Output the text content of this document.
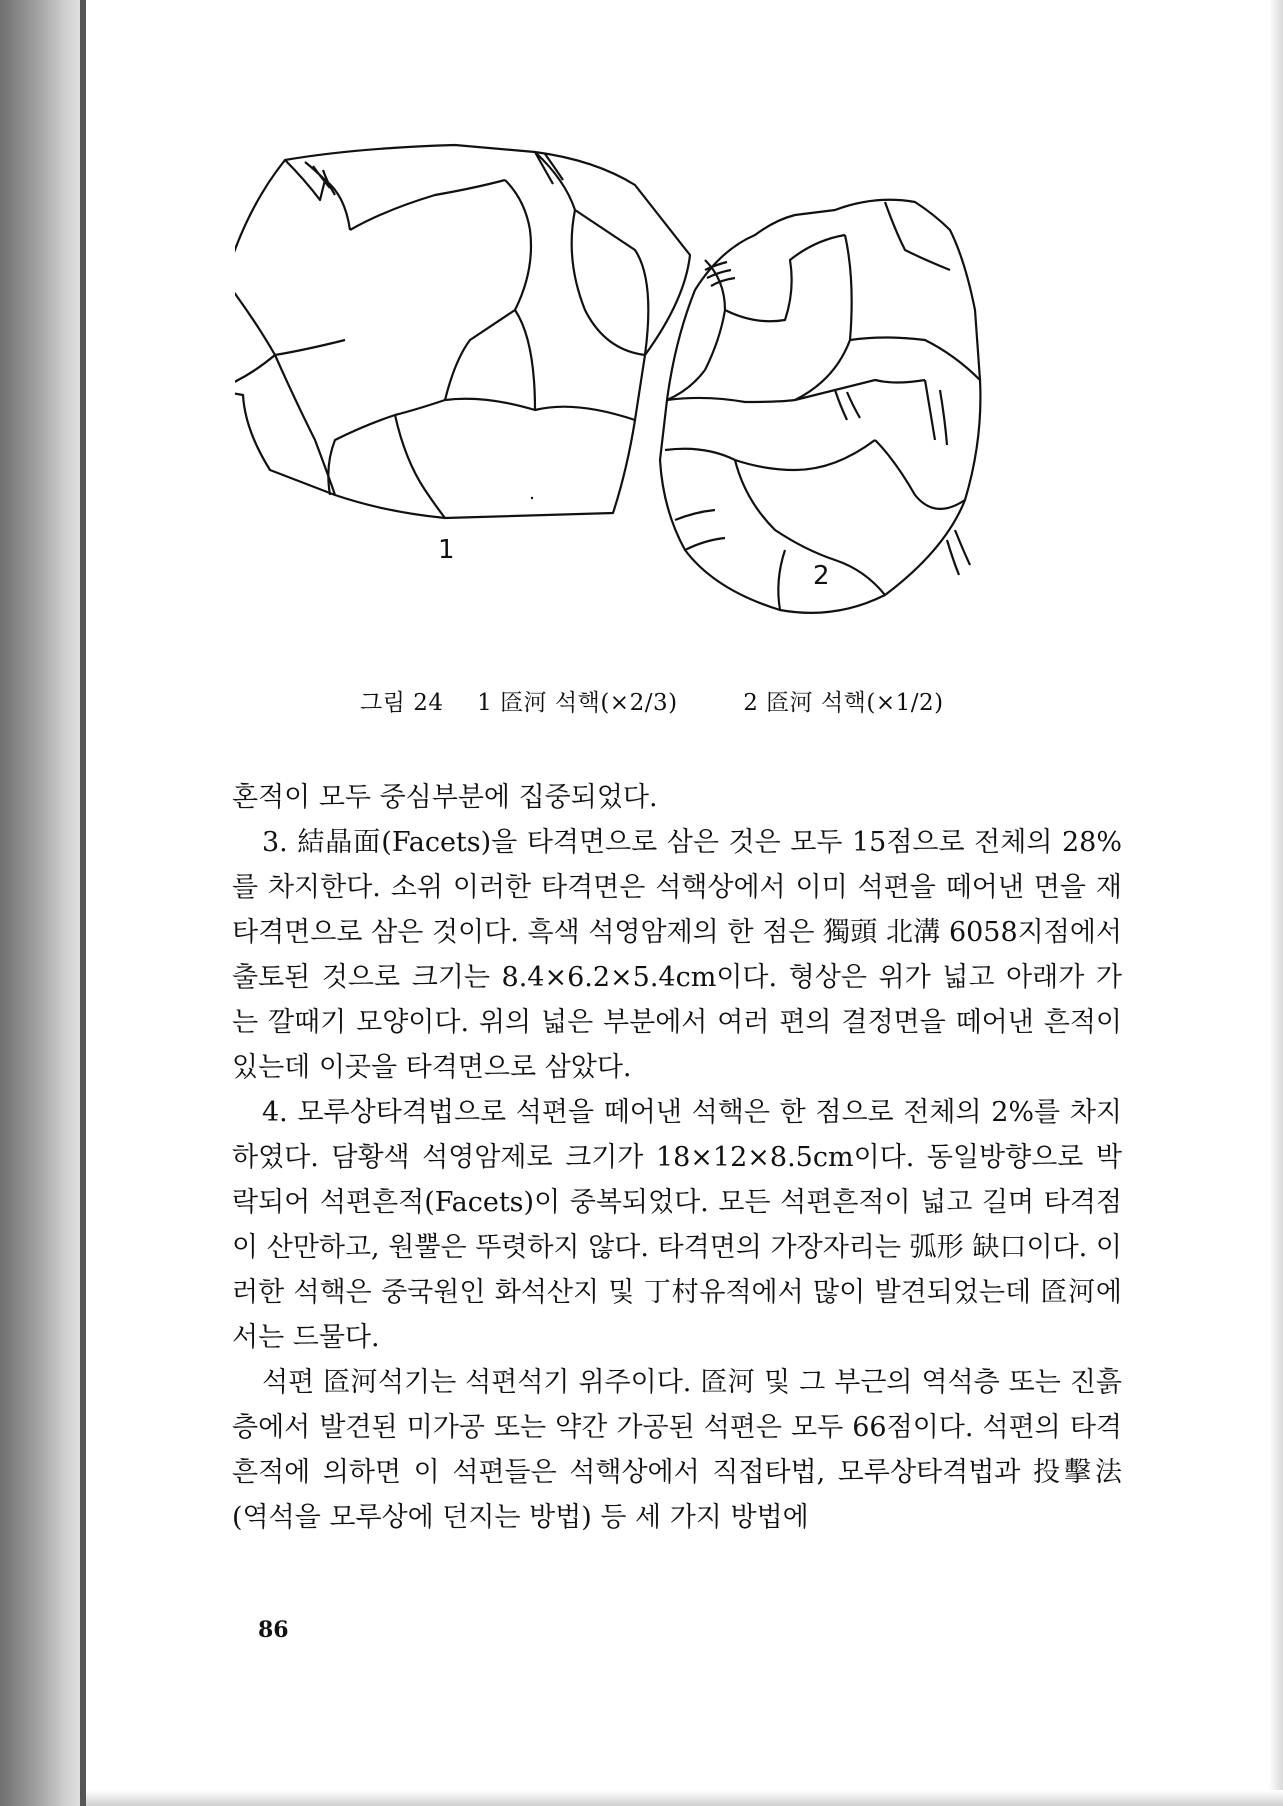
1
2
그림 24 1 匼河 석핵(×2/3)	2 匼河 석핵(×1/2)

혼적이 모두 중심부분에 집중되었다.

3. 結晶面(Facets)을 타격면으로 삼은 것은 모두 15점으로 전체의 28%를 차지한다. 소위 이러한 타격면은 석핵상에서 이미 석편을 떼어낸 면을 재타격면으로 삼은 것이다. 흑색 석영암제의 한 점은 獨頭 北溝 6058지점에서 출토된 것으로 크기는 8.4×6.2×5.4cm이다. 형상은 위가 넓고 아래가 가는 깔때기 모양이다. 위의 넓은 부분에서 여러 편의 결정면을 떼어낸 흔적이 있는데 이곳을 타격면으로 삼았다.

4. 모루상타격법으로 석편을 떼어낸 석핵은 한 점으로 전체의 2%를 차지하였다. 담황색 석영암제로 크기가 18×12×8.5cm이다. 동일방향으로 박락되어 석편흔적(Facets)이 중복되었다. 모든 석편흔적이 넓고 길며 타격점이 산만하고, 원뿔은 뚜렷하지 않다. 타격면의 가장자리는 弧形 缺口이다. 이러한 석핵은 중국원인 화석산지 및 丁村유적에서 많이 발견되었는데 匼河에서는 드물다.

석편 匼河석기는 석편석기 위주이다. 匼河 및 그 부근의 역석층 또는 진흙층에서 발견된 미가공 또는 약간 가공된 석편은 모두 66점이다. 석편의 타격흔적에 의하면 이 석편들은 석핵상에서 직접타법, 모루상타격법과 投擊法(역석을 모루상에 던지는 방법) 등 세 가지 방법에

86
